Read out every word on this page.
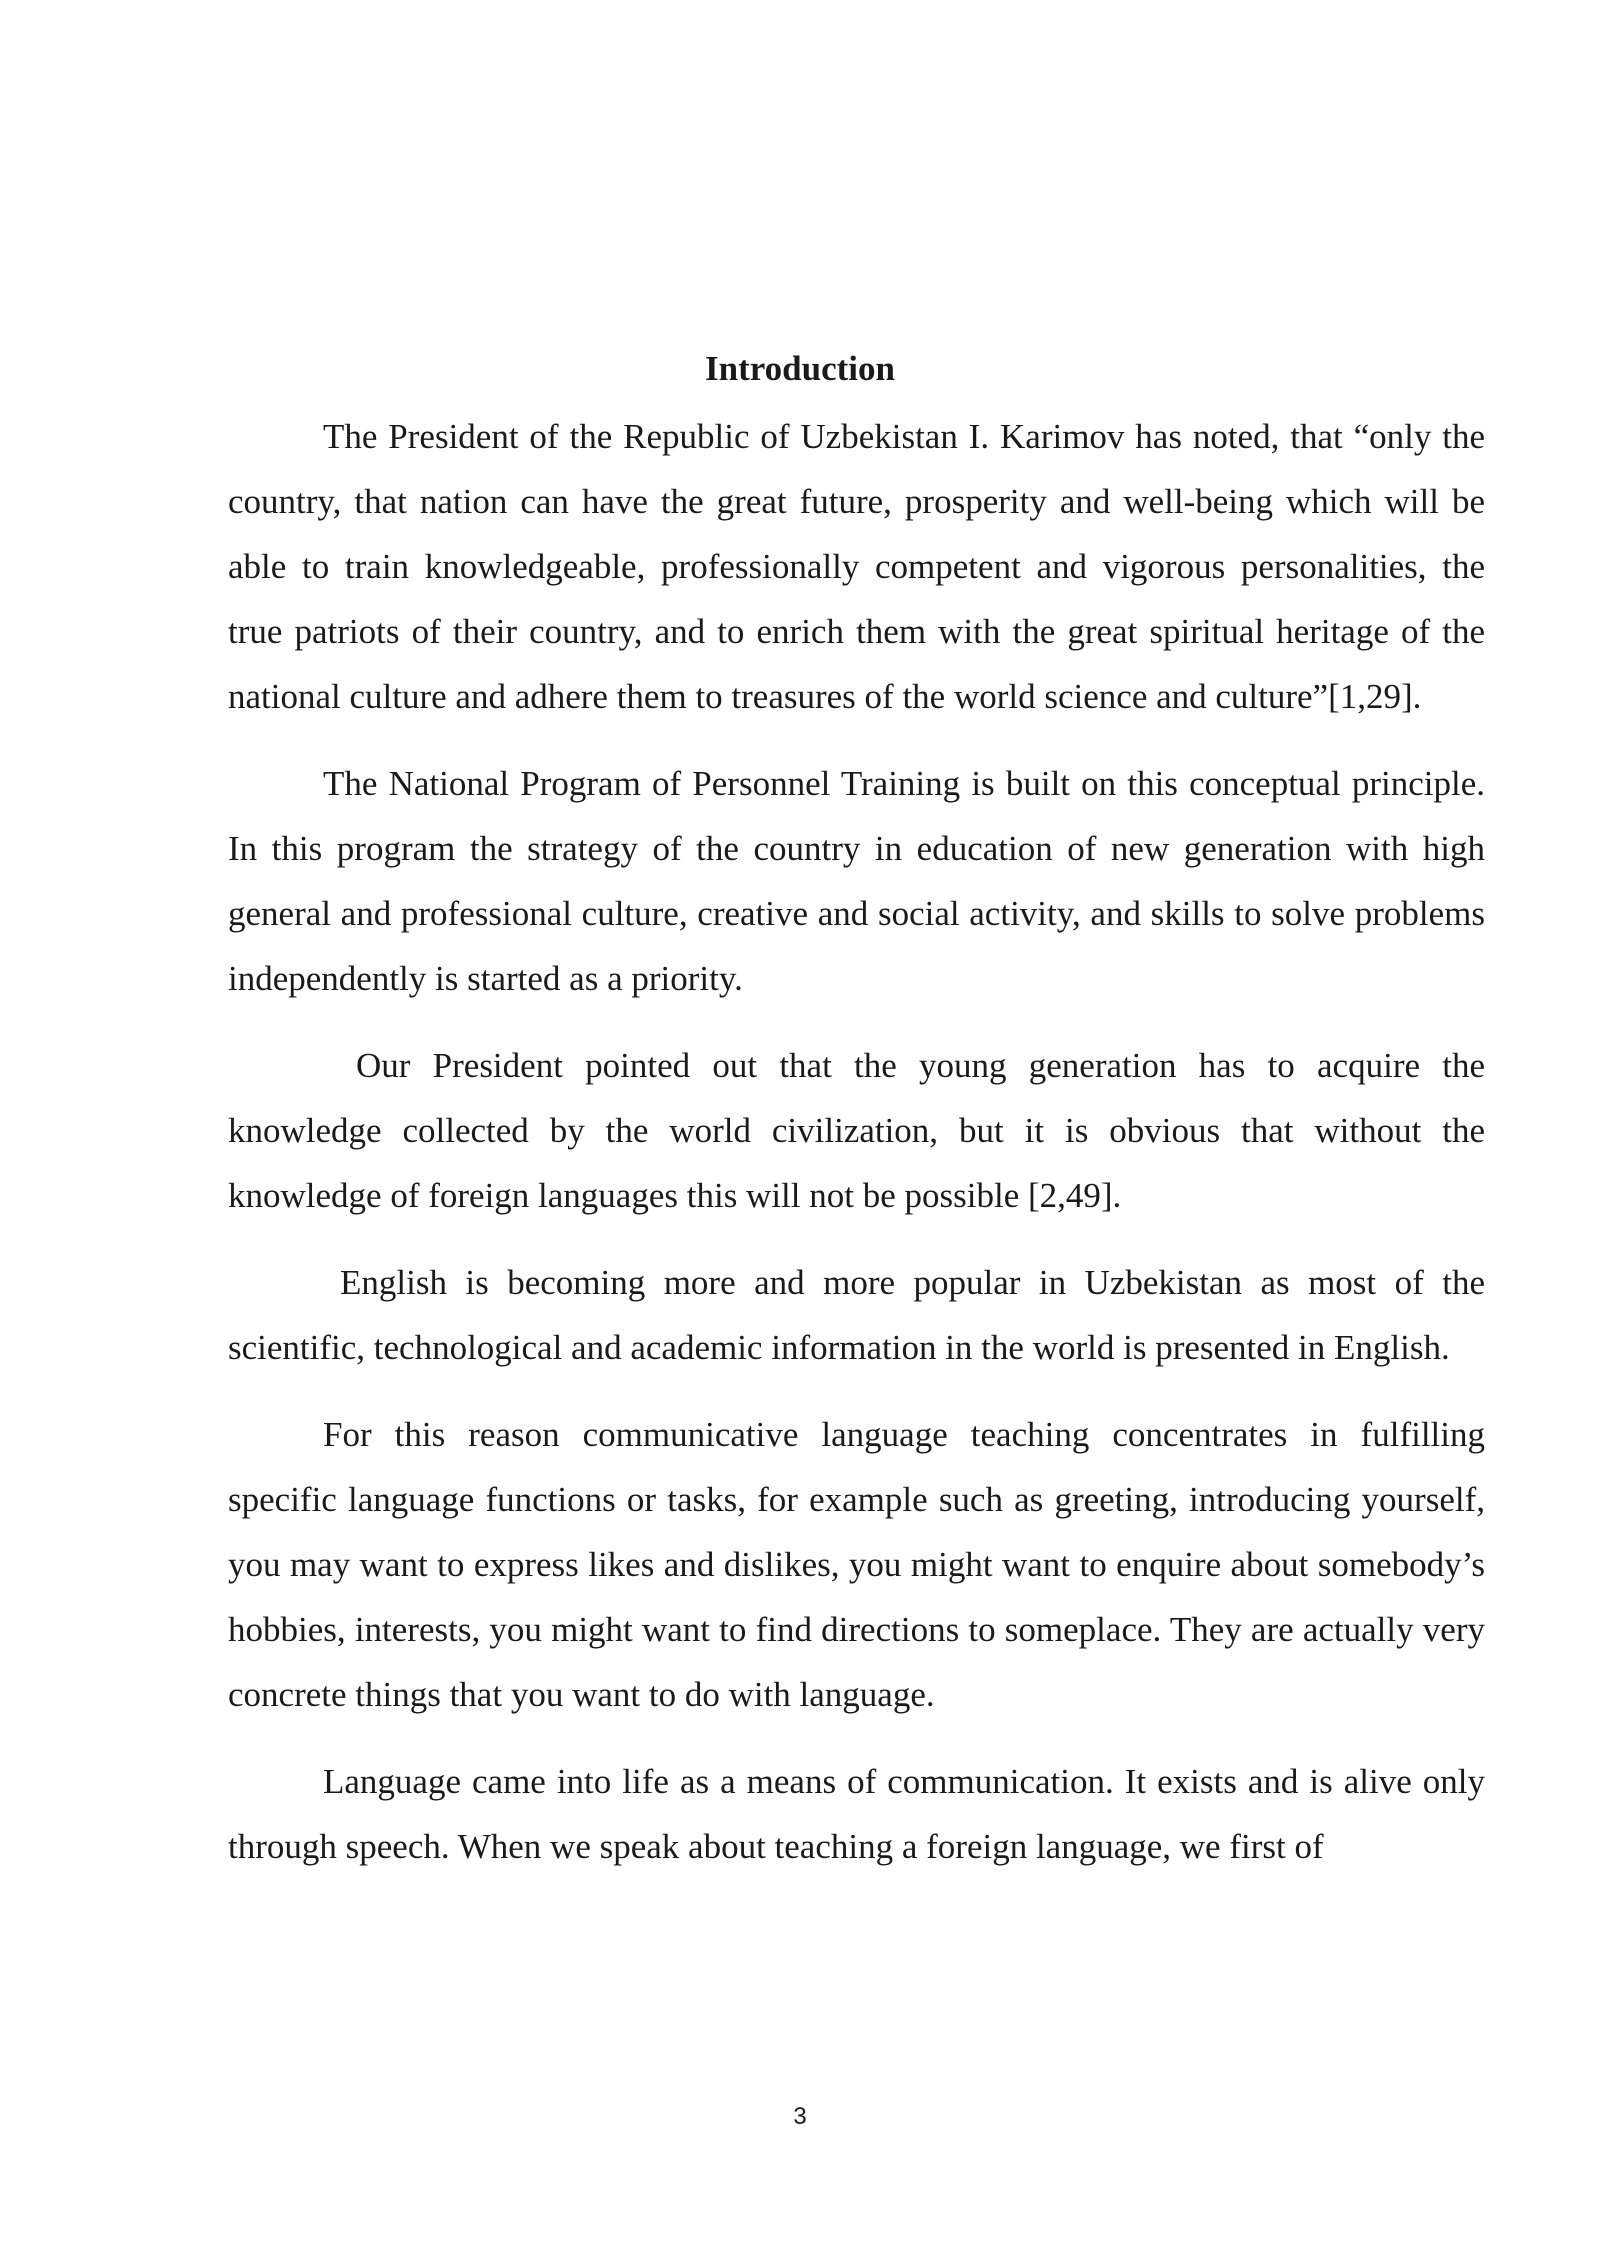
Introduction

The President of the Republic of Uzbekistan I. Karimov has noted, that “only the country, that nation can have the great future, prosperity and well-being which will be able to train knowledgeable, professionally competent and vigorous personalities, the true patriots of their country, and to enrich them with the great spiritual heritage of the national culture and adhere them to treasures of the world science and culture”[1,29].

The National Program of Personnel Training is built on this conceptual principle. In this program the strategy of the country in education of new generation with high general and professional culture, creative and social activity, and skills to solve problems independently is started as a priority.

Our President pointed out that the young generation has to acquire the knowledge collected by the world civilization, but it is obvious that without the knowledge of foreign languages this will not be possible [2,49].

English is becoming more and more popular in Uzbekistan as most of the scientific, technological and academic information in the world is presented in English.

For this reason communicative language teaching concentrates in fulfilling specific language functions or tasks, for example such as greeting, introducing yourself, you may want to express likes and dislikes, you might want to enquire about somebody’s hobbies, interests, you might want to find directions to someplace. They are actually very concrete things that you want to do with language.

Language came into life as a means of communication. It exists and is alive only through speech. When we speak about teaching a foreign language, we first of

3
